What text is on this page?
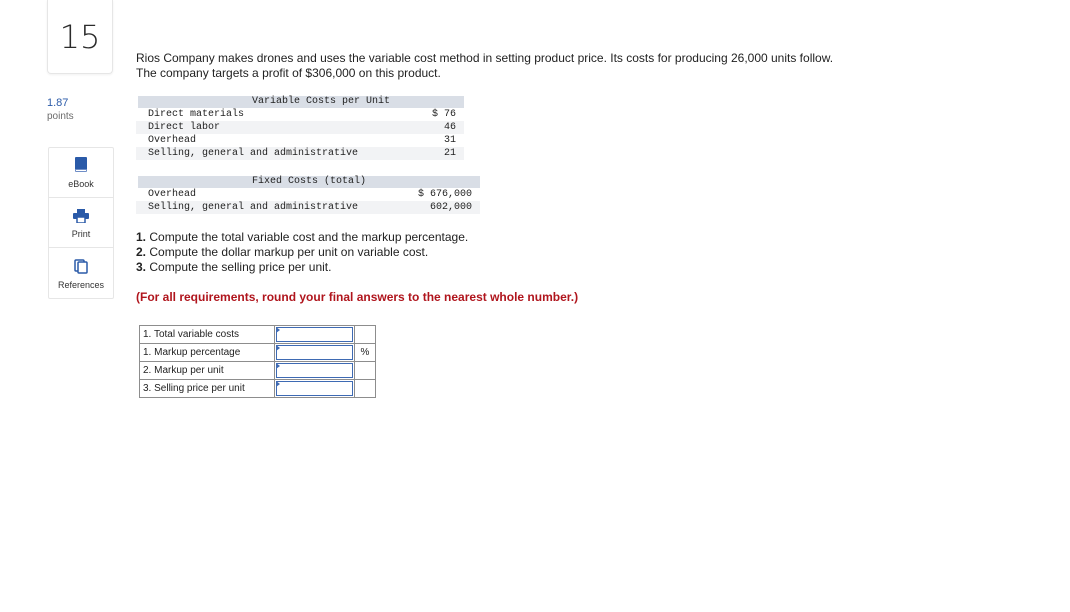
15
1.87
points
eBook
Print
References
Rios Company makes drones and uses the variable cost method in setting product price. Its costs for producing 26,000 units follow.
The company targets a profit of $306,000 on this product.
Variable Costs per Unit
Direct materials	$ 76
Direct labor	46
Overhead	31
Selling, general and administrative	21
Fixed Costs (total)
Overhead	$ 676,000
Selling, general and administrative	602,000
1. Compute the total variable cost and the markup percentage.
2. Compute the dollar markup per unit on variable cost.
3. Compute the selling price per unit.
(For all requirements, round your final answers to the nearest whole number.)
1. Total variable costs	

1. Markup percentage		%
2. Markup per unit	

3. Selling price per unit	
